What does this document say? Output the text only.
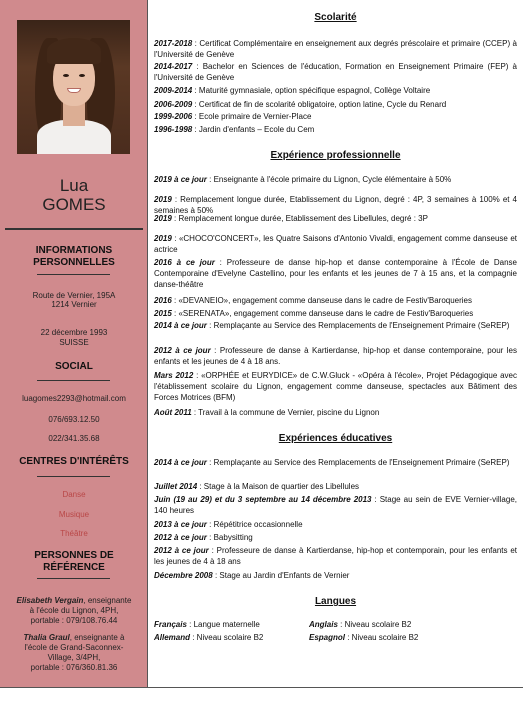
Lua
GOMES
INFORMATIONS PERSONNELLES
Route de Vernier, 195A
1214 Vernier
22 décembre 1993
SUISSE
SOCIAL
luagomes2293@hotmail.com
076/693.12.50
022/341.35.68
CENTRES D'INTÉRÊTS
Danse
Musique
Théâtre
PERSONNES DE RÉFÉRENCE
Elisabeth Vergain, enseignante
à l'école du Lignon, 4PH,
portable : 079/108.76.44
Thalia Graul, enseignante à
l'école de Grand-Saconnex-
Village, 3/4PH,
portable : 076/360.81.36
Scolarité
2017-2018 : Certificat Complémentaire en enseignement aux degrés préscolaire et primaire (CCEP) à l'Université de Genève
2014-2017 : Bachelor en Sciences de l'éducation, Formation en Enseignement Primaire (FEP) à l'Université de Genève
2009-2014 : Maturité gymnasiale, option spécifique espagnol, Collège Voltaire
2006-2009 : Certificat de fin de scolarité obligatoire, option latine, Cycle du Renard
1999-2006 : Ecole primaire de Vernier-Place
1996-1998 : Jardin d'enfants – Ecole du Cem
Expérience professionnelle
2019 à ce jour : Enseignante à l'école primaire du Lignon, Cycle élémentaire à 50%
2019 : Remplacement longue durée, Etablissement du Lignon, degré : 4P, 3 semaines à 100% et 4 semaines à 50%
2019 : Remplacement longue durée, Etablissement des Libellules, degré : 3P
2019 : «CHOCO'CONCERT», les Quatre Saisons d'Antonio Vivaldi, engagement comme danseuse et actrice
2016 à ce jour : Professeure de danse hip-hop et danse contemporaine à l'École de Danse Contemporaine d'Evelyne Castellino, pour les enfants et les jeunes de 7 à 15 ans, et la compagnie danse-théâtre
2016 : «DEVANEIO», engagement comme danseuse dans le cadre de Festiv'Baroqueries
2015 : «SERENATA», engagement comme danseuse dans le cadre de Festiv'Baroqueries
2014 à ce jour : Remplaçante au Service des Remplacements de l'Enseignement Primaire (SeREP)
2012 à ce jour : Professeure de danse à Kartierdanse, hip-hop et danse contemporaine, pour les enfants et les jeunes de 4 à 18 ans.
Mars 2012 : «ORPHÉE et EURYDICE» de C.W.Gluck - «Opéra à l'école», Projet Pédagogique avec l'établissement scolaire du Lignon, engagement comme danseuse, spectacles aux Bâtiment des Forces Motrices (BFM)
Août 2011 : Travail à la commune de Vernier, piscine du Lignon
Expériences éducatives
2014 à ce jour : Remplaçante au Service des Remplacements de l'Enseignement Primaire (SeREP)
Juillet 2014 : Stage à la Maison de quartier des Libellules
Juin (19 au 29) et du 3 septembre au 14 décembre 2013 : Stage au sein de EVE Vernier-village, 140 heures
2013 à ce jour : Répétitrice occasionnelle
2012 à ce jour : Babysitting
2012 à ce jour : Professeure de danse à Kartierdanse, hip-hop et contemporain, pour les enfants et les jeunes de 4 à 18 ans
Décembre 2008 : Stage au Jardin d'Enfants de Vernier
Langues
Français : Langue maternelle	Anglais : Niveau scolaire B2
Allemand : Niveau scolaire B2	Espagnol : Niveau scolaire B2
